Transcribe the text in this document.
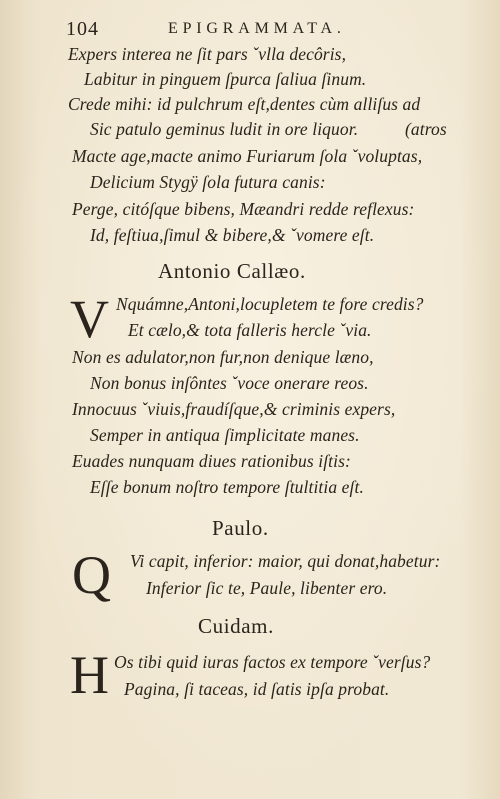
104	EPIGRAMMATA.
Expers interea ne ſit pars ˇvlla decôris,
Labitur in pinguem ſpurca ſaliua ſinum.
Crede mihi: id pulchrum eſt,dentes cùm alliſus ad
Sic patulo geminus ludit in ore liquor.	(atros
Macte age,macte animo Furiarum ſola ˇvoluptas,
Delicium Stygÿ ſola futura canis:
Perge, citóſque bibens, Mæandri redde reflexus:
Id, feſtiua,ſimul & bibere,& ˇvomere eſt.
Antonio Callæo.
V Nquámne,Antoni,locupletem te fore credis?
Et cælo,& tota falleris hercle ˇvia.
Non es adulator,non fur,non denique læno,
Non bonus inſôntes ˇvoce onerare reos.
Innocuus ˇviuis,fraudíſque,& criminis expers,
Semper in antiqua ſimplicitate manes.
Euades nunquam diues rationibus iſtis:
Eſſe bonum noſtro tempore ſtultitia eſt.
Paulo.
Q Vi capit, inferior: maior, qui donat,habetur:
Inferior ſic te, Paule, libenter ero.
Cuidam.
H Os tibi quid iuras factos ex tempore ˇverſus?
Pagina, ſi taceas, id ſatis ipſa probat.
